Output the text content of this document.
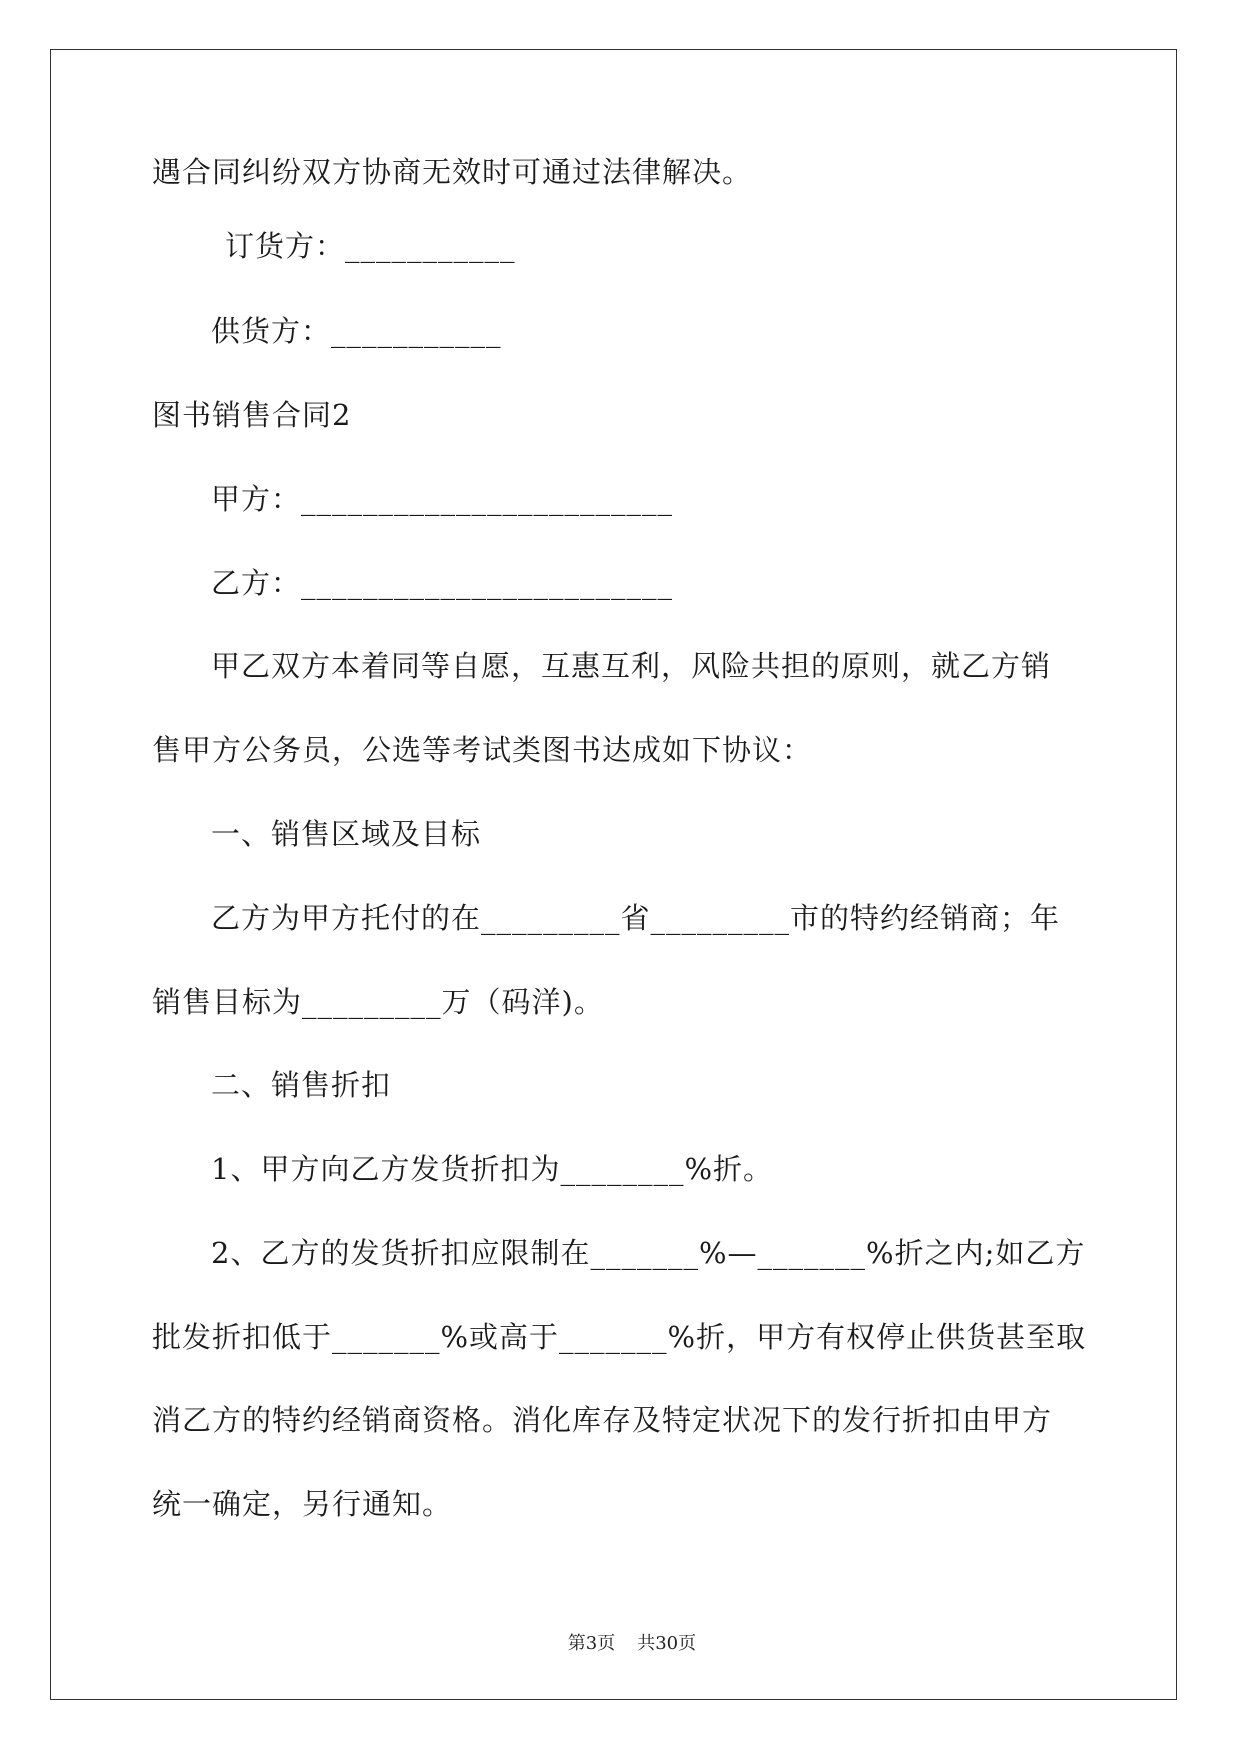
遇合同纠纷双方协商无效时可通过法律解决。
订货方：___________
供货方：___________
图书销售合同2
甲方：________________________
乙方：________________________
甲乙双方本着同等自愿，互惠互利，风险共担的原则，就乙方销
售甲方公务员，公选等考试类图书达成如下协议：
一、销售区域及目标
乙方为甲方托付的在_________省_________市的特约经销商；年
销售目标为_________万（码洋)。
二、销售折扣
1、甲方向乙方发货折扣为________%折。
2、乙方的发货折扣应限制在_______%—_______%折之内;如乙方
批发折扣低于_______%或高于_______%折，甲方有权停止供货甚至取
消乙方的特约经销商资格。消化库存及特定状况下的发行折扣由甲方
统一确定，另行通知。

第3页 共30页
